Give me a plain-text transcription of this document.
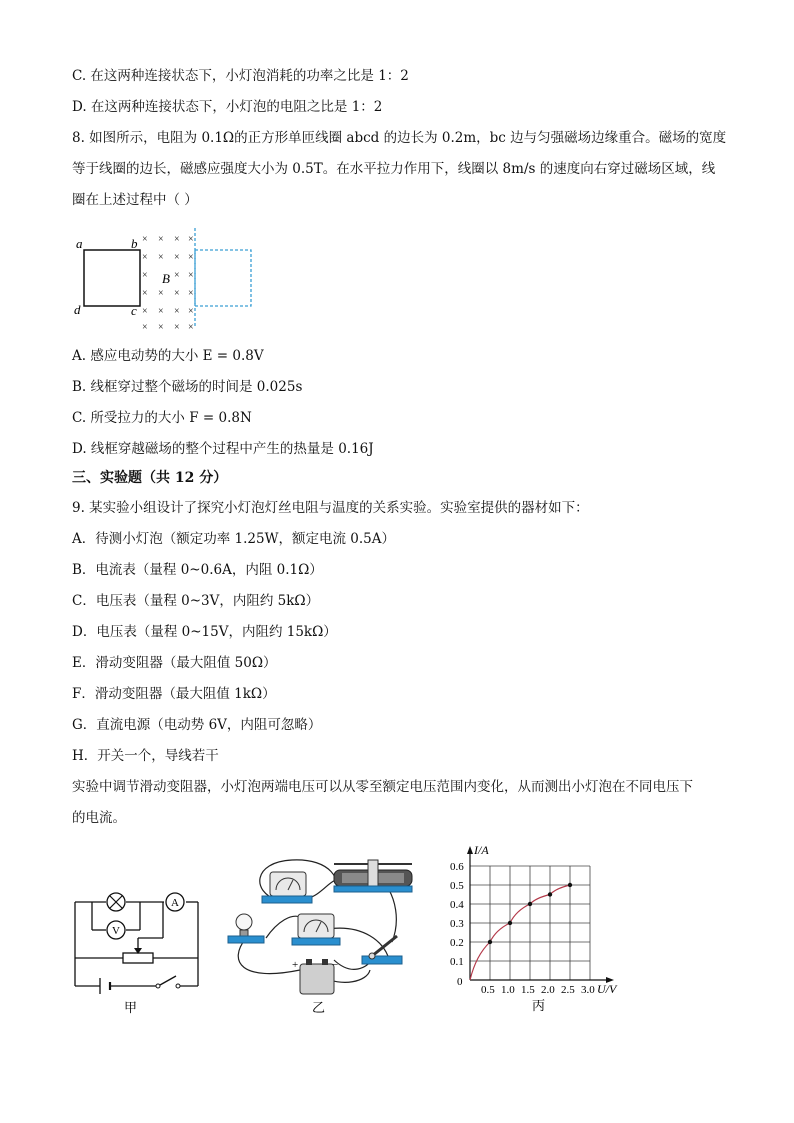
C. 在这两种连接状态下，小灯泡消耗的功率之比是 1：2
D. 在这两种连接状态下，小灯泡的电阻之比是 1：2
8. 如图所示，电阻为 0.1Ω的正方形单匝线圈 abcd 的边长为 0.2m，bc 边与匀强磁场边缘重合。磁场的宽度
等于线圈的边长，磁感应强度大小为 0.5T。在水平拉力作用下，线圈以 8m/s 的速度向右穿过磁场区域，线
圈在上述过程中（ ）
a	b
c
d
B
× × × ×
× × × ×
×	× ×
× × × ×
× × × ×
× × × ×
A. 感应电动势的大小 E = 0.8V
B. 线框穿过整个磁场的时间是 0.025s
C. 所受拉力的大小 F = 0.8N
D. 线框穿越磁场的整个过程中产生的热量是 0.16J
三、实验题（共 12 分）
9. 某实验小组设计了探究小灯泡灯丝电阻与温度的关系实验。实验室提供的器材如下：
A．待测小灯泡（额定功率 1.25W，额定电流 0.5A）
B．电流表（量程 0~0.6A，内阻 0.1Ω）
C．电压表（量程 0~3V，内阻约 5kΩ）
D．电压表（量程 0~15V，内阻约 15kΩ）
E．滑动变阻器（最大阻值 50Ω）
F．滑动变阻器（最大阻值 1kΩ）
G．直流电源（电动势 6V，内阻可忽略）
H．开关一个，导线若干
实验中调节滑动变阻器，小灯泡两端电压可以从零至额定电压范围内变化，从而测出小灯泡在不同电压下
的电流。
A
V
甲
+	−
乙
0.5 1.0 1.5 2.0 2.5 3.0
0.1
0.2
0.3
0.4
0.5
0.6
I/A
U/V
0
丙
